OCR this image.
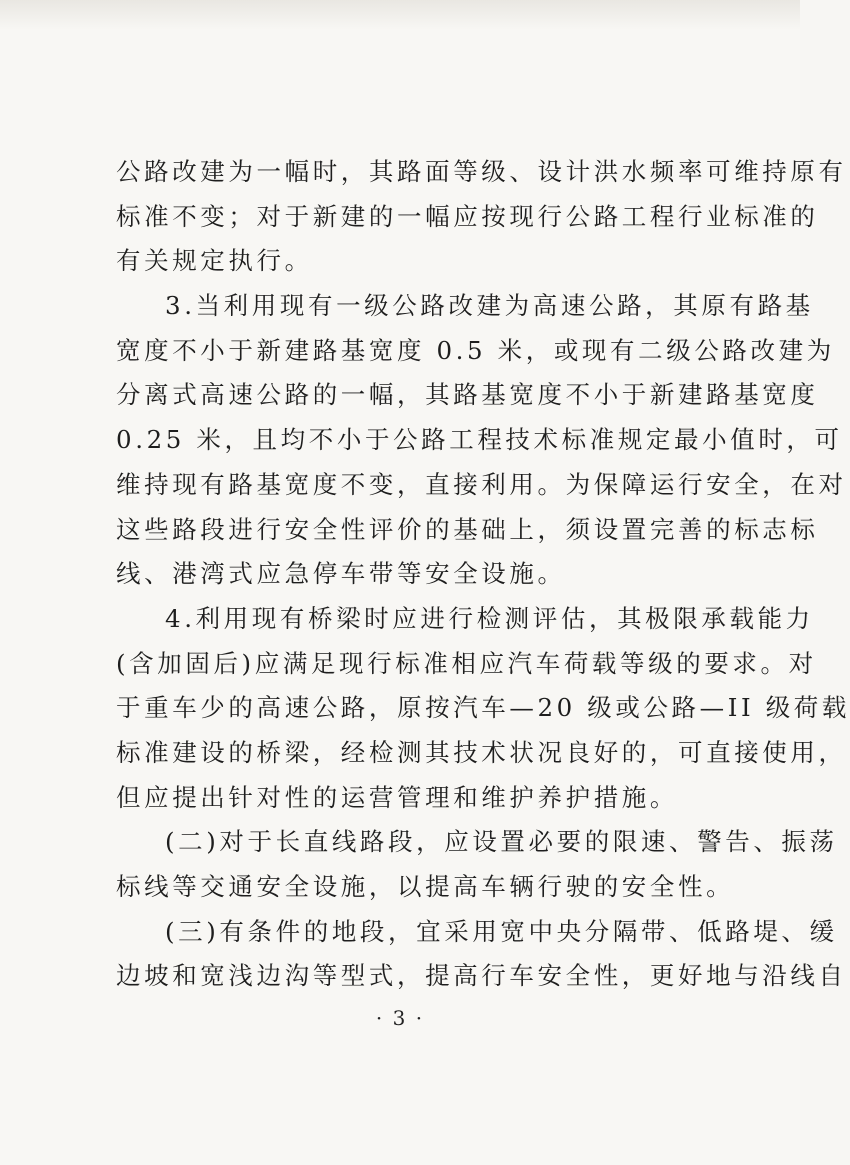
公路改建为一幅时，其路面等级、设计洪水频率可维持原有
标准不变；对于新建的一幅应按现行公路工程行业标准的
有关规定执行。
3.当利用现有一级公路改建为高速公路，其原有路基
宽度不小于新建路基宽度 0.5 米，或现有二级公路改建为
分离式高速公路的一幅，其路基宽度不小于新建路基宽度
0.25 米，且均不小于公路工程技术标准规定最小值时，可
维持现有路基宽度不变，直接利用。为保障运行安全，在对
这些路段进行安全性评价的基础上，须设置完善的标志标
线、港湾式应急停车带等安全设施。
4.利用现有桥梁时应进行检测评估，其极限承载能力
(含加固后)应满足现行标准相应汽车荷载等级的要求。对
于重车少的高速公路，原按汽车—20 级或公路—II 级荷载
标准建设的桥梁，经检测其技术状况良好的，可直接使用，
但应提出针对性的运营管理和维护养护措施。
(二)对于长直线路段，应设置必要的限速、警告、振荡
标线等交通安全设施，以提高车辆行驶的安全性。
(三)有条件的地段，宜采用宽中央分隔带、低路堤、缓
边坡和宽浅边沟等型式，提高行车安全性，更好地与沿线自
· 3 ·
